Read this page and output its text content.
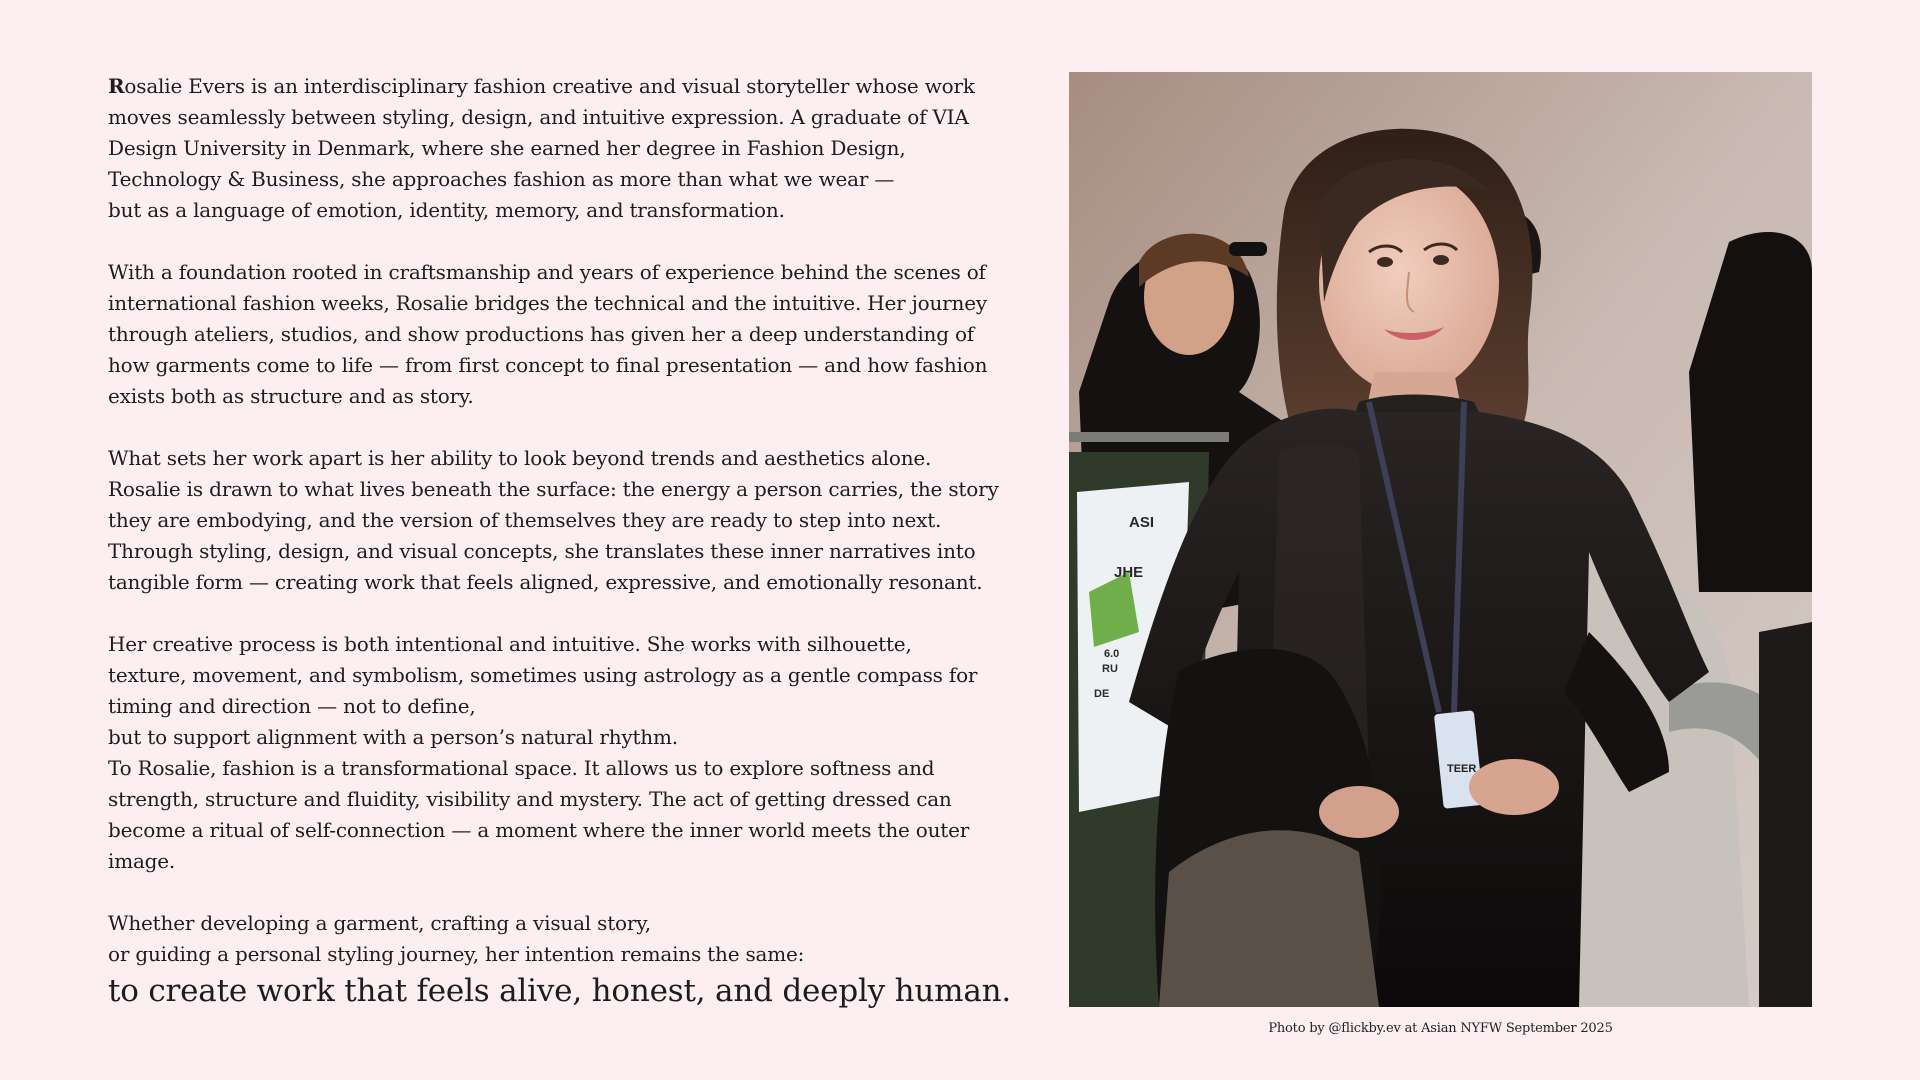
Rosalie Evers is an interdisciplinary fashion creative and visual storyteller whose work
moves seamlessly between styling, design, and intuitive expression. A graduate of VIA
Design University in Denmark, where she earned her degree in Fashion Design,
Technology & Business, she approaches fashion as more than what we wear —
but as a language of emotion, identity, memory, and transformation.

With a foundation rooted in craftsmanship and years of experience behind the scenes of
international fashion weeks, Rosalie bridges the technical and the intuitive. Her journey
through ateliers, studios, and show productions has given her a deep understanding of
how garments come to life — from first concept to final presentation — and how fashion
exists both as structure and as story.

What sets her work apart is her ability to look beyond trends and aesthetics alone.
Rosalie is drawn to what lives beneath the surface: the energy a person carries, the story
they are embodying, and the version of themselves they are ready to step into next.
Through styling, design, and visual concepts, she translates these inner narratives into
tangible form — creating work that feels aligned, expressive, and emotionally resonant.

Her creative process is both intentional and intuitive. She works with silhouette,
texture, movement, and symbolism, sometimes using astrology as a gentle compass for
timing and direction — not to define,
but to support alignment with a person’s natural rhythm.
To Rosalie, fashion is a transformational space. It allows us to explore softness and
strength, structure and fluidity, visibility and mystery. The act of getting dressed can
become a ritual of self-connection — a moment where the inner world meets the outer
image.

Whether developing a garment, crafting a visual story,
or guiding a personal styling journey, her intention remains the same:
to create work that feels alive, honest, and deeply human.

ASI
JHE
6.0
RU
DE
TEER

Photo by @flickby.ev at Asian NYFW September 2025
